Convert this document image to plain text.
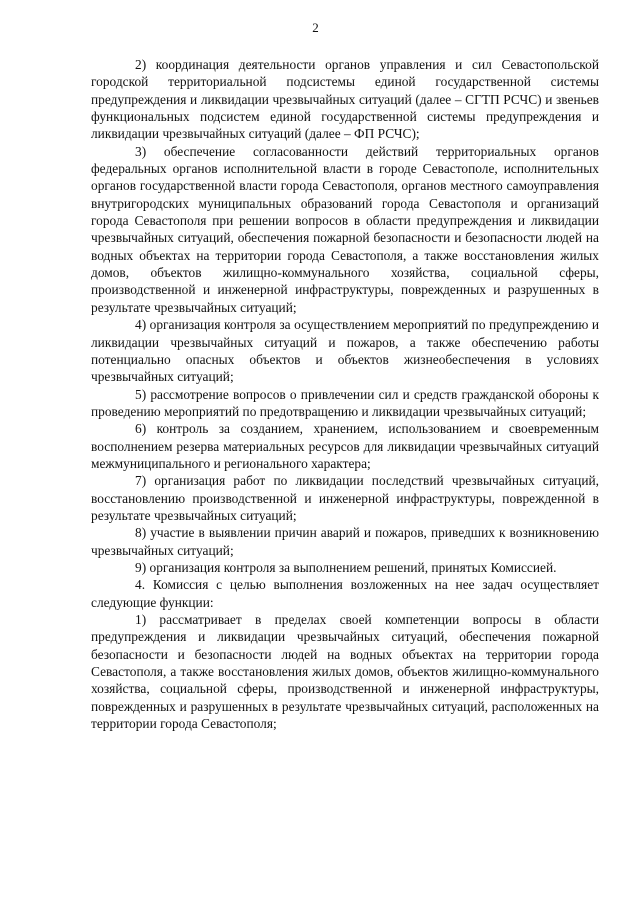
2

2) координация деятельности органов управления и сил Севастопольской городской территориальной подсистемы единой государственной системы предупреждения и ликвидации чрезвычайных ситуаций (далее – СГТП РСЧС) и звеньев функциональных подсистем единой государственной системы предупреждения и ликвидации чрезвычайных ситуаций (далее – ФП РСЧС);

3) обеспечение согласованности действий территориальных органов федеральных органов исполнительной власти в городе Севастополе, исполнительных органов государственной власти города Севастополя, органов местного самоуправления внутригородских муниципальных образований города Севастополя и организаций города Севастополя при решении вопросов в области предупреждения и ликвидации чрезвычайных ситуаций, обеспечения пожарной безопасности и безопасности людей на водных объектах на территории города Севастополя, а также восстановления жилых домов, объектов жилищно-коммунального хозяйства, социальной сферы, производственной и инженерной инфраструктуры, поврежденных и разрушенных в результате чрезвычайных ситуаций;

4) организация контроля за осуществлением мероприятий по предупреждению и ликвидации чрезвычайных ситуаций и пожаров, а также обеспечению работы потенциально опасных объектов и объектов жизнеобеспечения в условиях чрезвычайных ситуаций;

5) рассмотрение вопросов о привлечении сил и средств гражданской обороны к проведению мероприятий по предотвращению и ликвидации чрезвычайных ситуаций;

6) контроль за созданием, хранением, использованием и своевременным восполнением резерва материальных ресурсов для ликвидации чрезвычайных ситуаций межмуниципального и регионального характера;

7) организация работ по ликвидации последствий чрезвычайных ситуаций, восстановлению производственной и инженерной инфраструктуры, поврежденной в результате чрезвычайных ситуаций;

8) участие в выявлении причин аварий и пожаров, приведших к возникновению чрезвычайных ситуаций;

9) организация контроля за выполнением решений, принятых Комиссией.

4. Комиссия с целью выполнения возложенных на нее задач осуществляет следующие функции:

1) рассматривает в пределах своей компетенции вопросы в области предупреждения и ликвидации чрезвычайных ситуаций, обеспечения пожарной безопасности и безопасности людей на водных объектах на территории города Севастополя, а также восстановления жилых домов, объектов жилищно-коммунального хозяйства, социальной сферы, производственной и инженерной инфраструктуры, поврежденных и разрушенных в результате чрезвычайных ситуаций, расположенных на территории города Севастополя;
